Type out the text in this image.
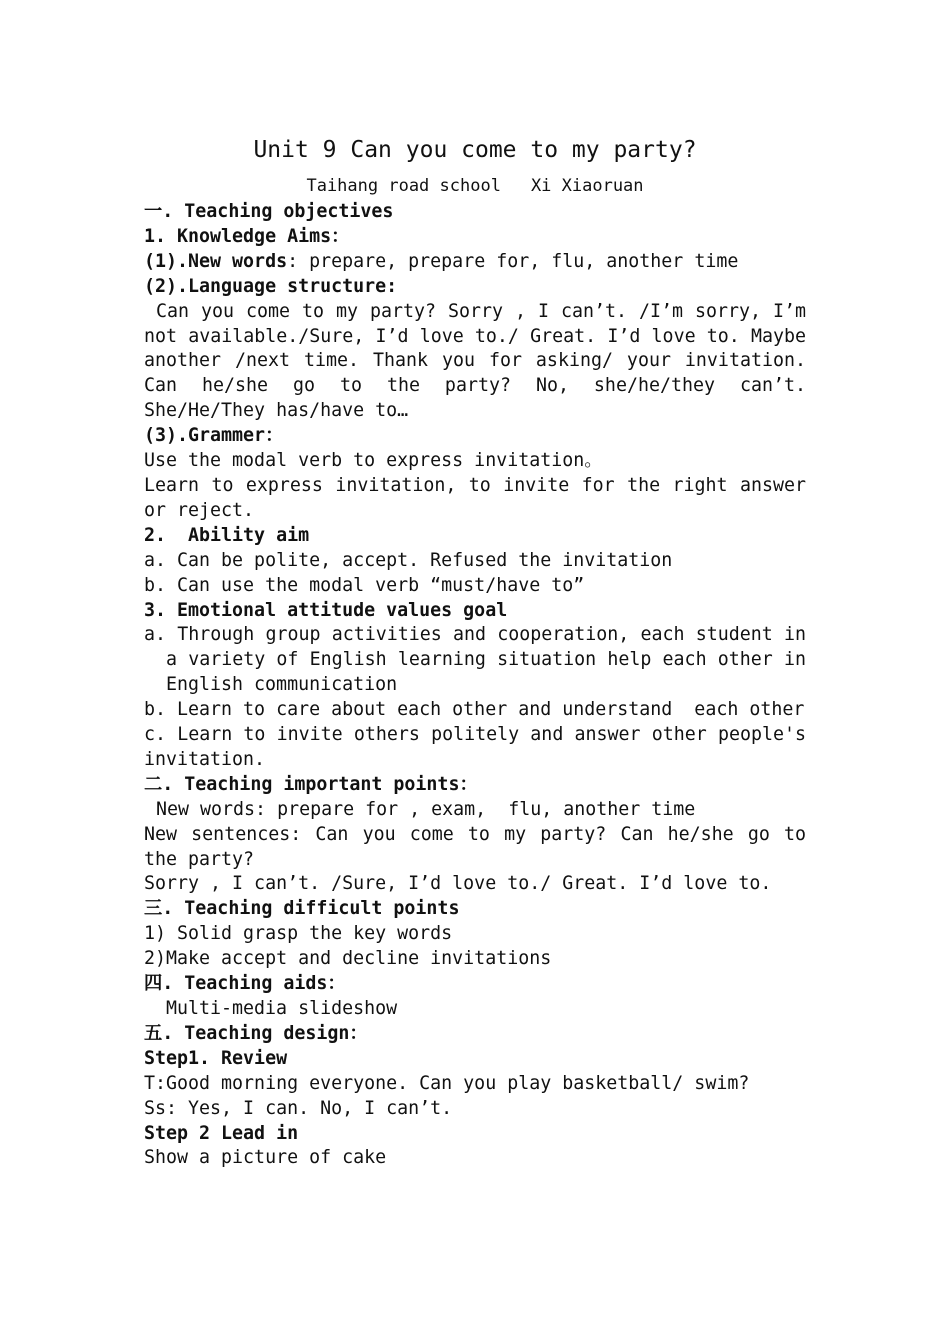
Unit 9 Can you come to my party?
Taihang road school Xi Xiaoruan

一. Teaching objectives

1. Knowledge Aims：

(1).New words: prepare, prepare for, flu, another time

(2).Language structure:

Can you come to my party? Sorry , I can’t. /I’m sorry, I’m not available./Sure, I’d love to./ Great. I’d love to. Maybe  another /next time. Thank you for asking/ your invitation. Can he/she go to the party? No, she/he/they can’t. She/He/They has/have to…

(3).Grammer：

Use the modal verb to express invitation。

Learn to express invitation, to invite for the right answer or reject.

2.  Ability aim

a. Can be polite, accept. Refused the invitation

b. Can use the modal verb “must/have to”

3. Emotional attitude values goal

a. Through group activities and cooperation, each student in a variety of English learning situation help each other in English communication

b. Learn to care about each other and understand  each other

c. Learn to invite others politely and answer other people's invitation.

二. Teaching important points：

New words: prepare for , exam,  flu, another time

New sentences: Can you come to my party? Can he/she go to the party?

Sorry , I can’t. /Sure, I’d love to./ Great. I’d love to.

三. Teaching difficult points

1) Solid grasp the key words

2)Make accept and decline invitations

四. Teaching aids：

Multi-media slideshow

五. Teaching design：

Step1. Review

T:Good morning everyone. Can you play basketball/ swim?

Ss: Yes, I can. No, I can’t.

Step 2 Lead in

Show a picture of cake
